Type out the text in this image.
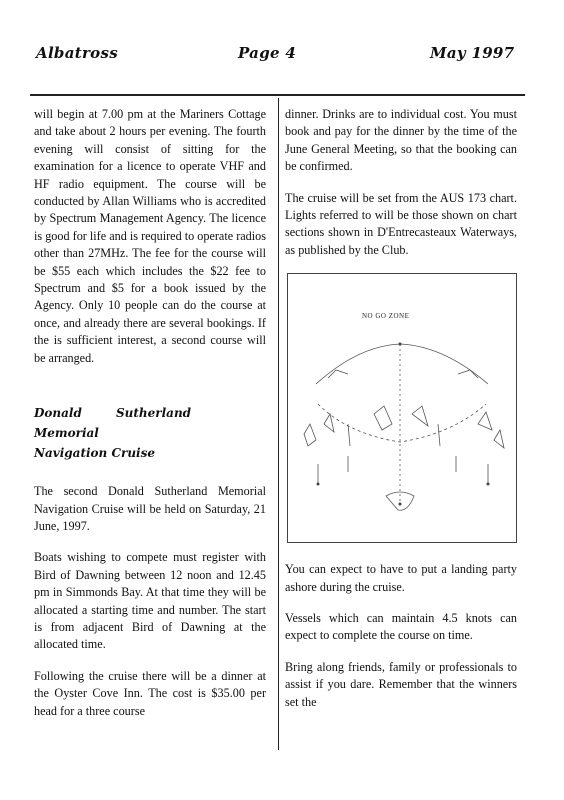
Albatross	Page 4	May 1997

will begin at 7.00 pm at the Mariners Cottage and take about 2 hours per evening. The fourth evening will consist of sitting for the examination for a licence to operate VHF and HF radio equipment. The course will be conducted by Allan Williams who is accredited by Spectrum Management Agency. The licence is good for life and is required to operate radios other than 27MHz. The fee for the course will be $55 each which includes the $22 fee to Spectrum and $5 for a book issued by the Agency. Only 10 people can do the course at once, and already there are several bookings. If the is sufficient interest, a second course will be arranged.

Donald	SutherlandMemorial
Navigation Cruise

The second Donald Sutherland Memorial Navigation Cruise will be held on Saturday, 21 June, 1997.

Boats wishing to compete must register with Bird of Dawning between 12 noon and 12.45 pm in Simmonds Bay. At that time they will be allocated a starting time and number. The start is from adjacent Bird of Dawning at the allocated time.

Following the cruise there will be a dinner at the Oyster Cove Inn. The cost is $35.00 per head for a three course

dinner. Drinks are to individual cost. You must book and pay for the dinner by the time of the June General Meeting, so that the booking can be confirmed.

The cruise will be set from the AUS 173 chart. Lights referred to will be those shown on chart sections shown in D'Entrecasteaux Waterways, as published by the Club.

NO GO ZONE

You can expect to have to put a landing party ashore during the cruise.

Vessels which can maintain 4.5 knots can expect to complete the course on time.

Bring along friends, family or professionals to assist if you dare. Remember that the winners set the
